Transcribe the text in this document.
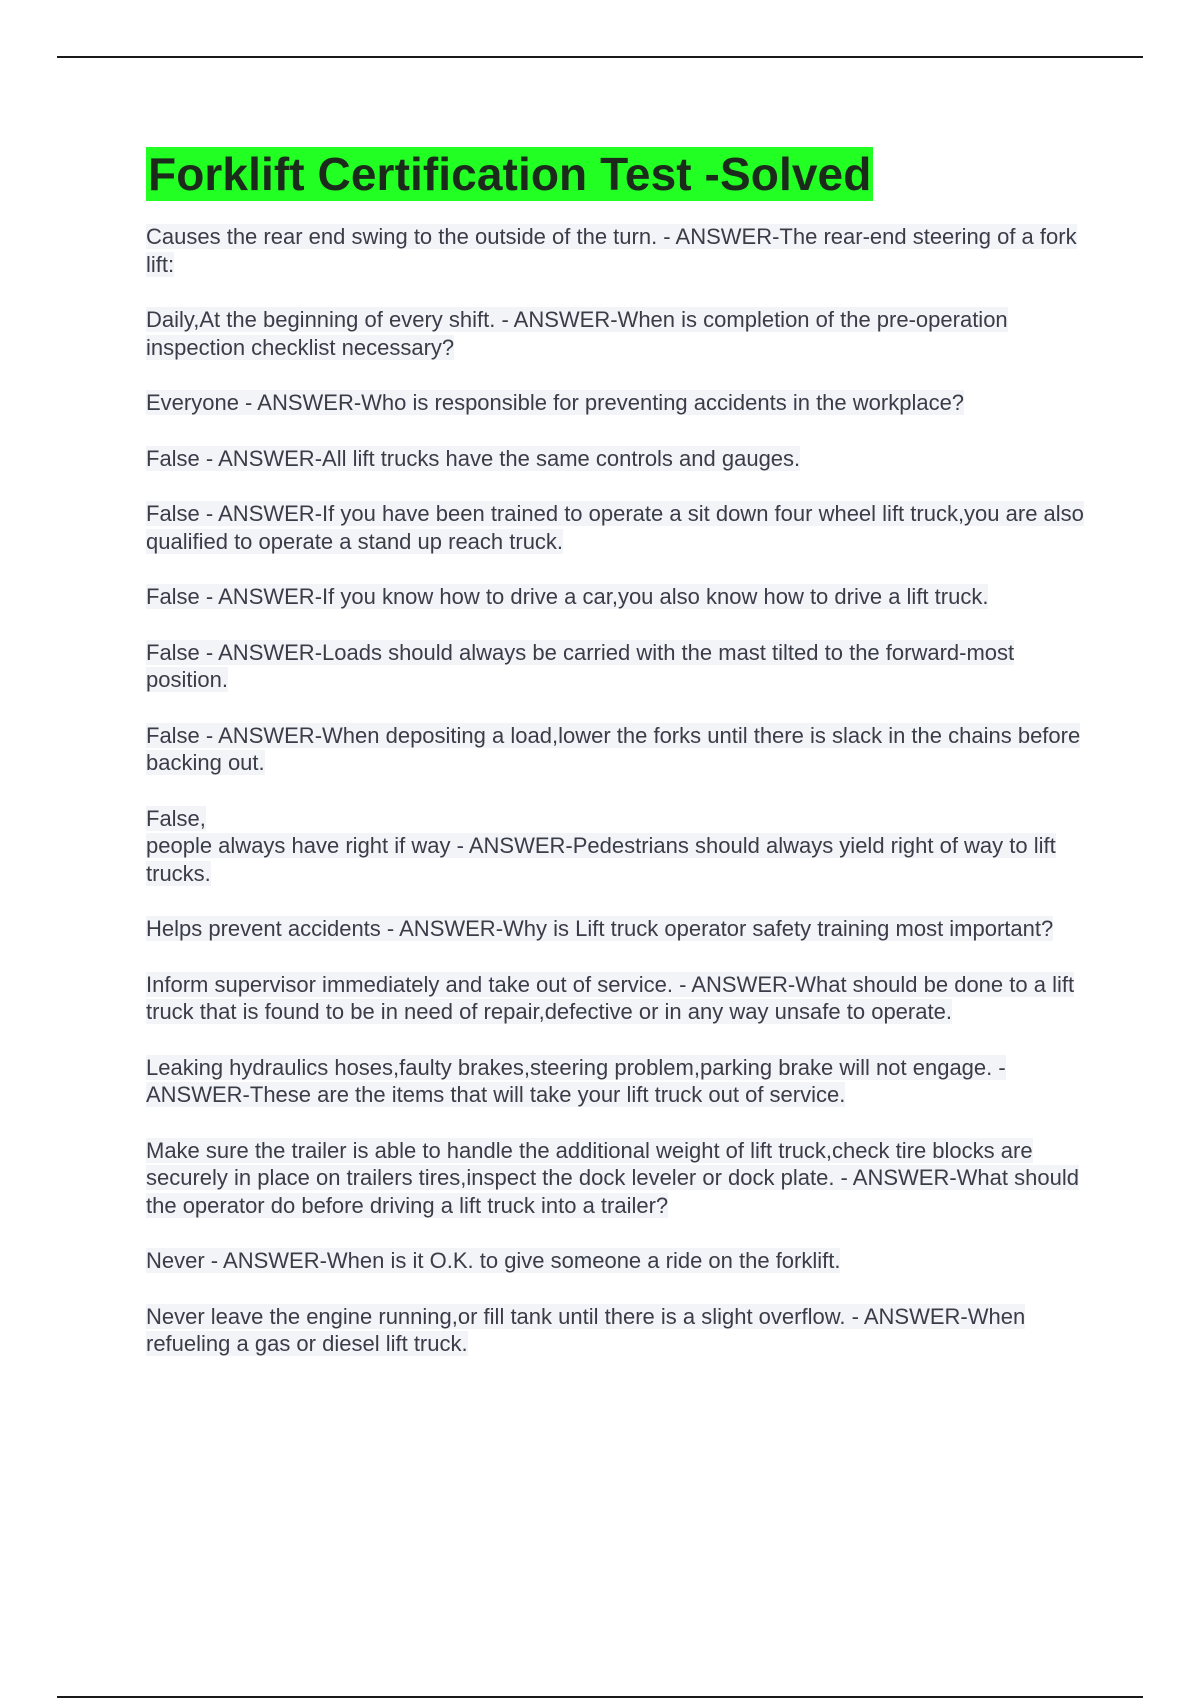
Forklift Certification Test -Solved

Causes the rear end swing to the outside of the turn. - ANSWER-The rear-end steering of a fork lift:

Daily,At the beginning of every shift. - ANSWER-When is completion of the pre-operation inspection checklist necessary?

Everyone - ANSWER-Who is responsible for preventing accidents in the workplace?

False - ANSWER-All lift trucks have the same controls and gauges.

False - ANSWER-If you have been trained to operate a sit down four wheel lift truck,you are also qualified to operate a stand up reach truck.

False - ANSWER-If you know how to drive a car,you also know how to drive a lift truck.

False - ANSWER-Loads should always be carried with the mast tilted to the forward-most position.

False - ANSWER-When depositing a load,lower the forks until there is slack in the chains before backing out.

False,
people always have right if way - ANSWER-Pedestrians should always yield right of way to lift trucks.

Helps prevent accidents - ANSWER-Why is Lift truck operator safety training most important?

Inform supervisor immediately and take out of service. - ANSWER-What should be done to a lift truck that is found to be in need of repair,defective or in any way unsafe to operate.

Leaking hydraulics hoses,faulty brakes,steering problem,parking brake will not engage. - ANSWER-These are the items that will take your lift truck out of service.

Make sure the trailer is able to handle the additional weight of lift truck,check tire blocks are securely in place on trailers tires,inspect the dock leveler or dock plate. - ANSWER-What should the operator do before driving a lift truck into a trailer?

Never - ANSWER-When is it O.K. to give someone a ride on the forklift.

Never leave the engine running,or fill tank until there is a slight overflow. - ANSWER-When refueling a gas or diesel lift truck.
